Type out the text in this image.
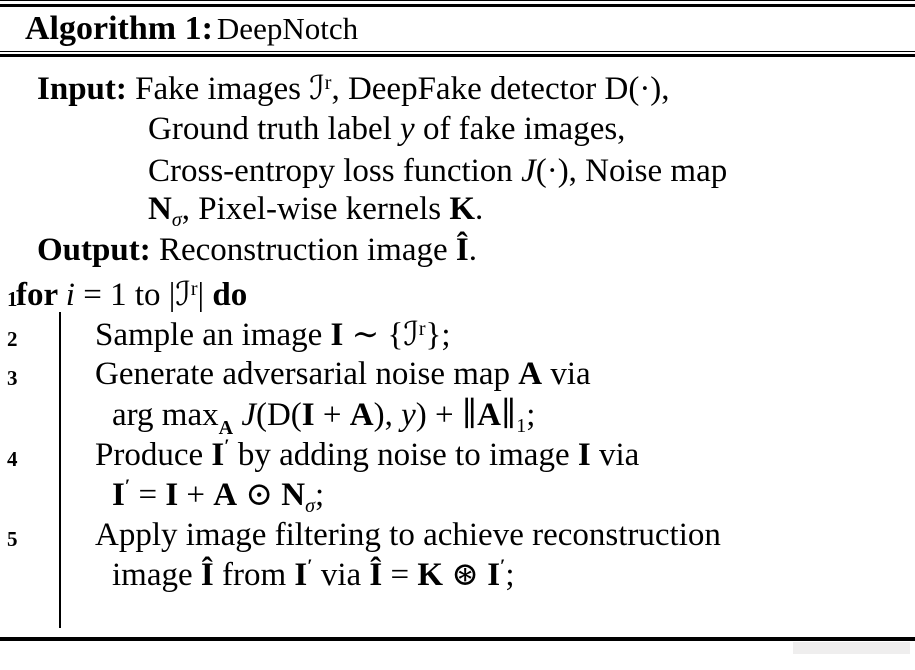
Algorithm 1: DeepNotch
Input: Fake images ℐ$^r$, DeepFake detector D(·),
Ground truth label y of fake images,
Cross-entropy loss function J(·), Noise map
$N_\sigma$, Pixel-wise kernels K.
Output: Reconstruction image Î.
1
2
3
4
5
for i = 1 to |ℐ$^r$| do
Sample an image I ∼ {ℐ$^r$};
Generate adversarial noise map A via
arg $\max_A J(D(I + A)$, $y) + \parallel A\parallel_1$;
Produce I′ by adding noise to image I via
I′ = I + A ⊙ $N_\sigma$;
Apply image filtering to achieve reconstruction
image Î from I′ via Î = K ⊛ I′;
